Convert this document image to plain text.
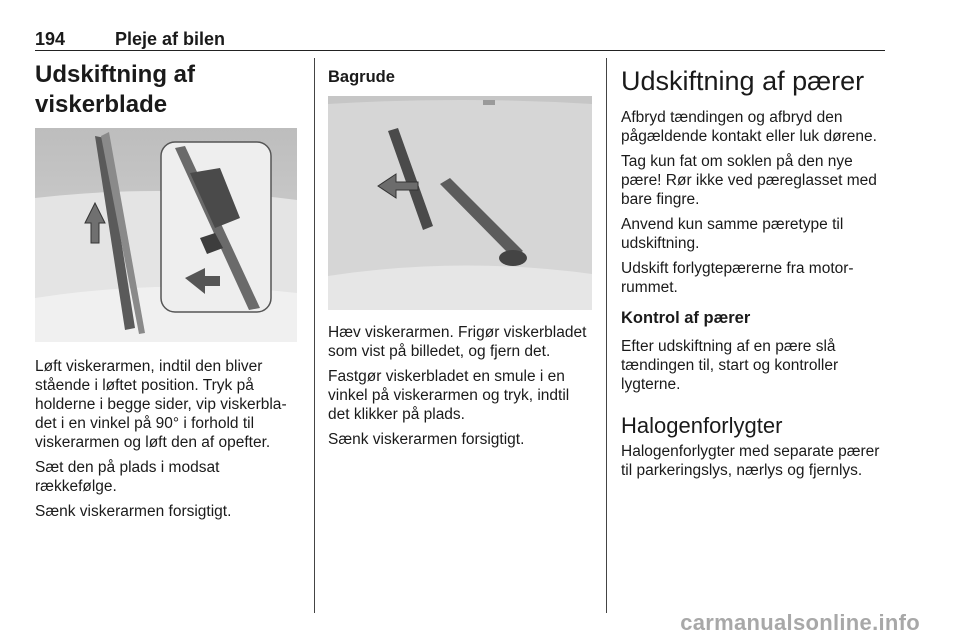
194	Pleje af bilen
Udskiftning af viskerblade

Løft viskerarmen, indtil den bliver stående i løftet position. Tryk på holderne i begge sider, vip viskerbladet i en vinkel på 90° i forhold til viskerarmen og løft den af opefter.

Sæt den på plads i modsat rækkefølge.

Sænk viskerarmen forsigtigt.

Bagrude

Hæv viskerarmen. Frigør viskerbladet som vist på billedet, og fjern det.

Fastgør viskerbladet en smule i en vinkel på viskerarmen og tryk, indtil det klikker på plads.

Sænk viskerarmen forsigtigt.

Udskiftning af pærer

Afbryd tændingen og afbryd den pågældende kontakt eller luk dørene.

Tag kun fat om soklen på den nye pære! Rør ikke ved pæreglasset med bare fingre.

Anvend kun samme pæretype til udskiftning.

Udskift forlygtepærerne fra motorrummet.

Kontrol af pærer

Efter udskiftning af en pære slå tændingen til, start og kontroller lygterne.

Halogenforlygter

Halogenforlygter med separate pærer til parkeringslys, nærlys og fjernlys.

carmanualsonline.info
